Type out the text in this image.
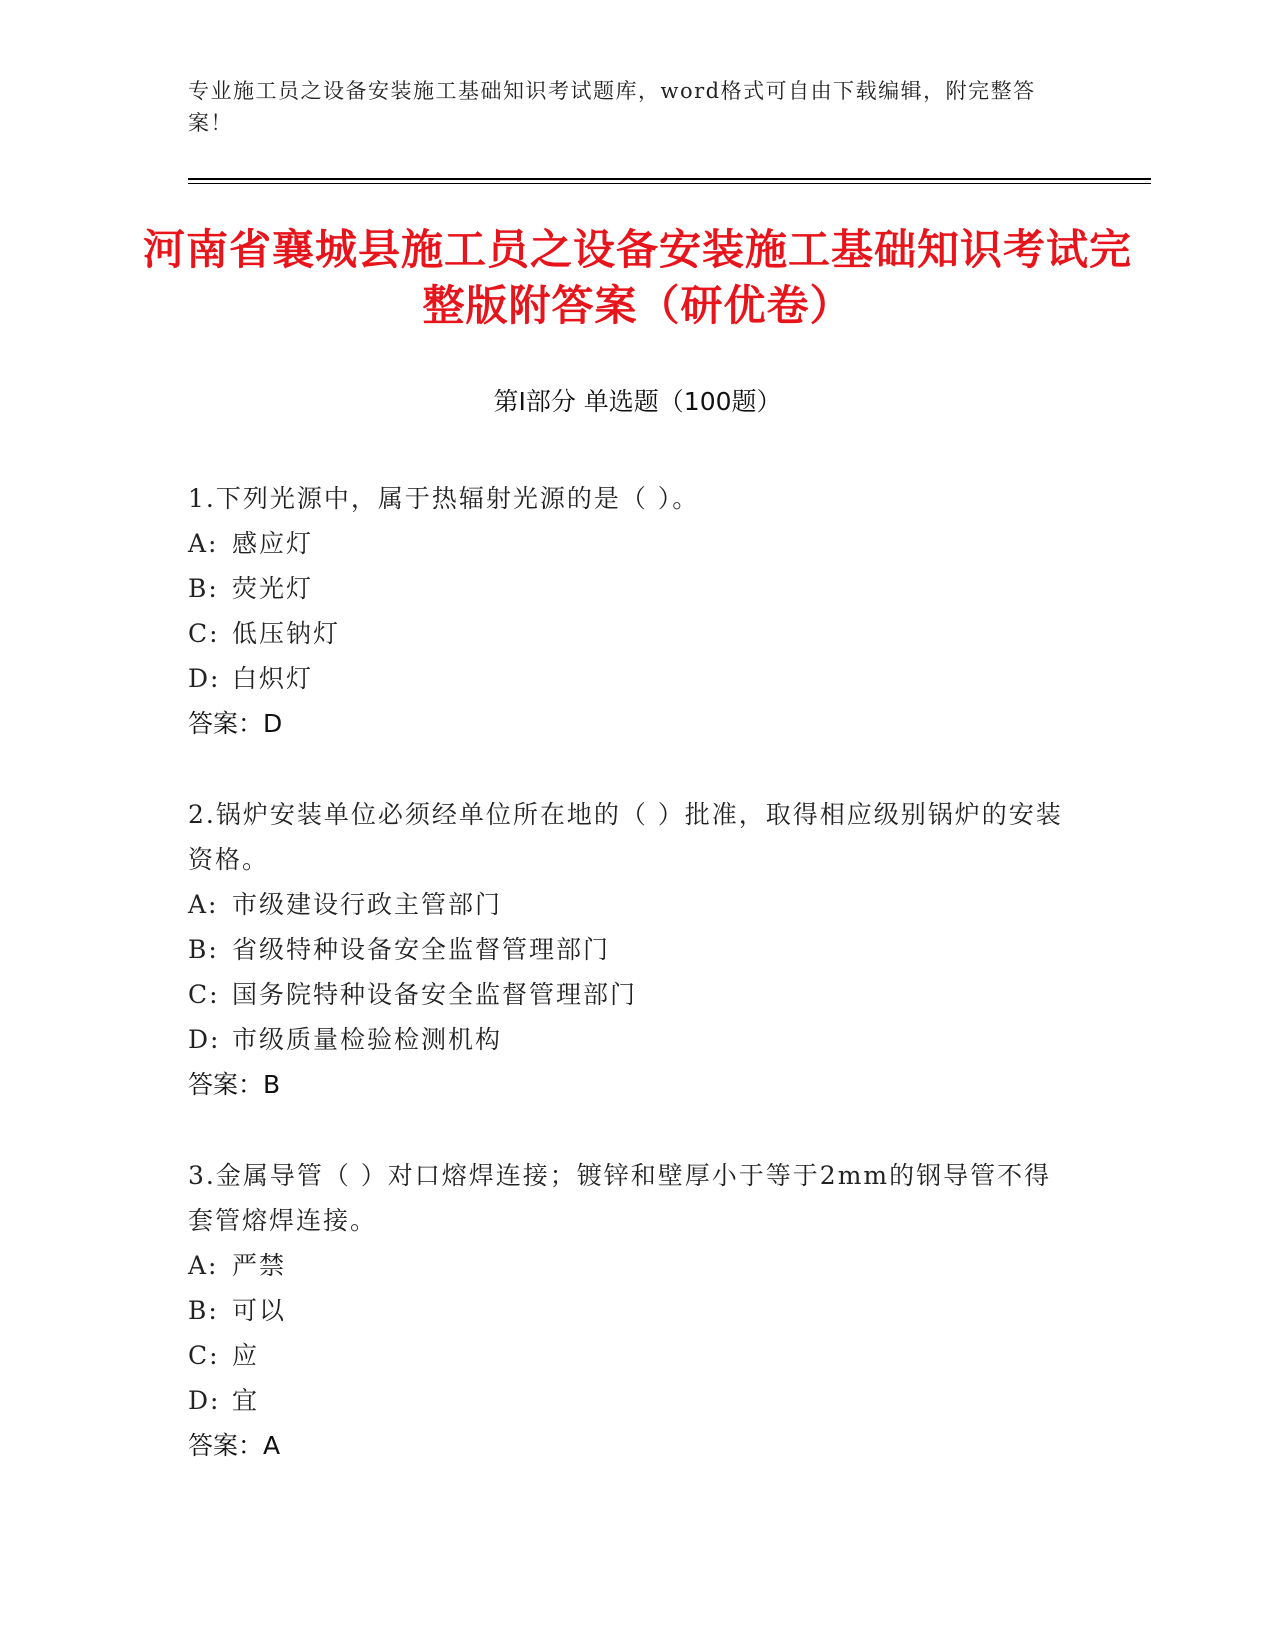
专业施工员之设备安装施工基础知识考试题库，word格式可自由下载编辑，附完整答案！
河南省襄城县施工员之设备安装施工基础知识考试完整版附答案（研优卷）
第Ⅰ部分 单选题（100题）
1.下列光源中，属于热辐射光源的是（ ）。
A: 感应灯
B: 荧光灯
C: 低压钠灯
D: 白炽灯
答案：D
2.锅炉安装单位必须经单位所在地的（ ）批准，取得相应级别锅炉的安装资格。
A: 市级建设行政主管部门
B: 省级特种设备安全监督管理部门
C: 国务院特种设备安全监督管理部门
D: 市级质量检验检测机构
答案：B
3.金属导管（ ）对口熔焊连接；镀锌和壁厚小于等于2mm的钢导管不得套管熔焊连接。
A: 严禁
B: 可以
C: 应
D: 宜
答案：A
